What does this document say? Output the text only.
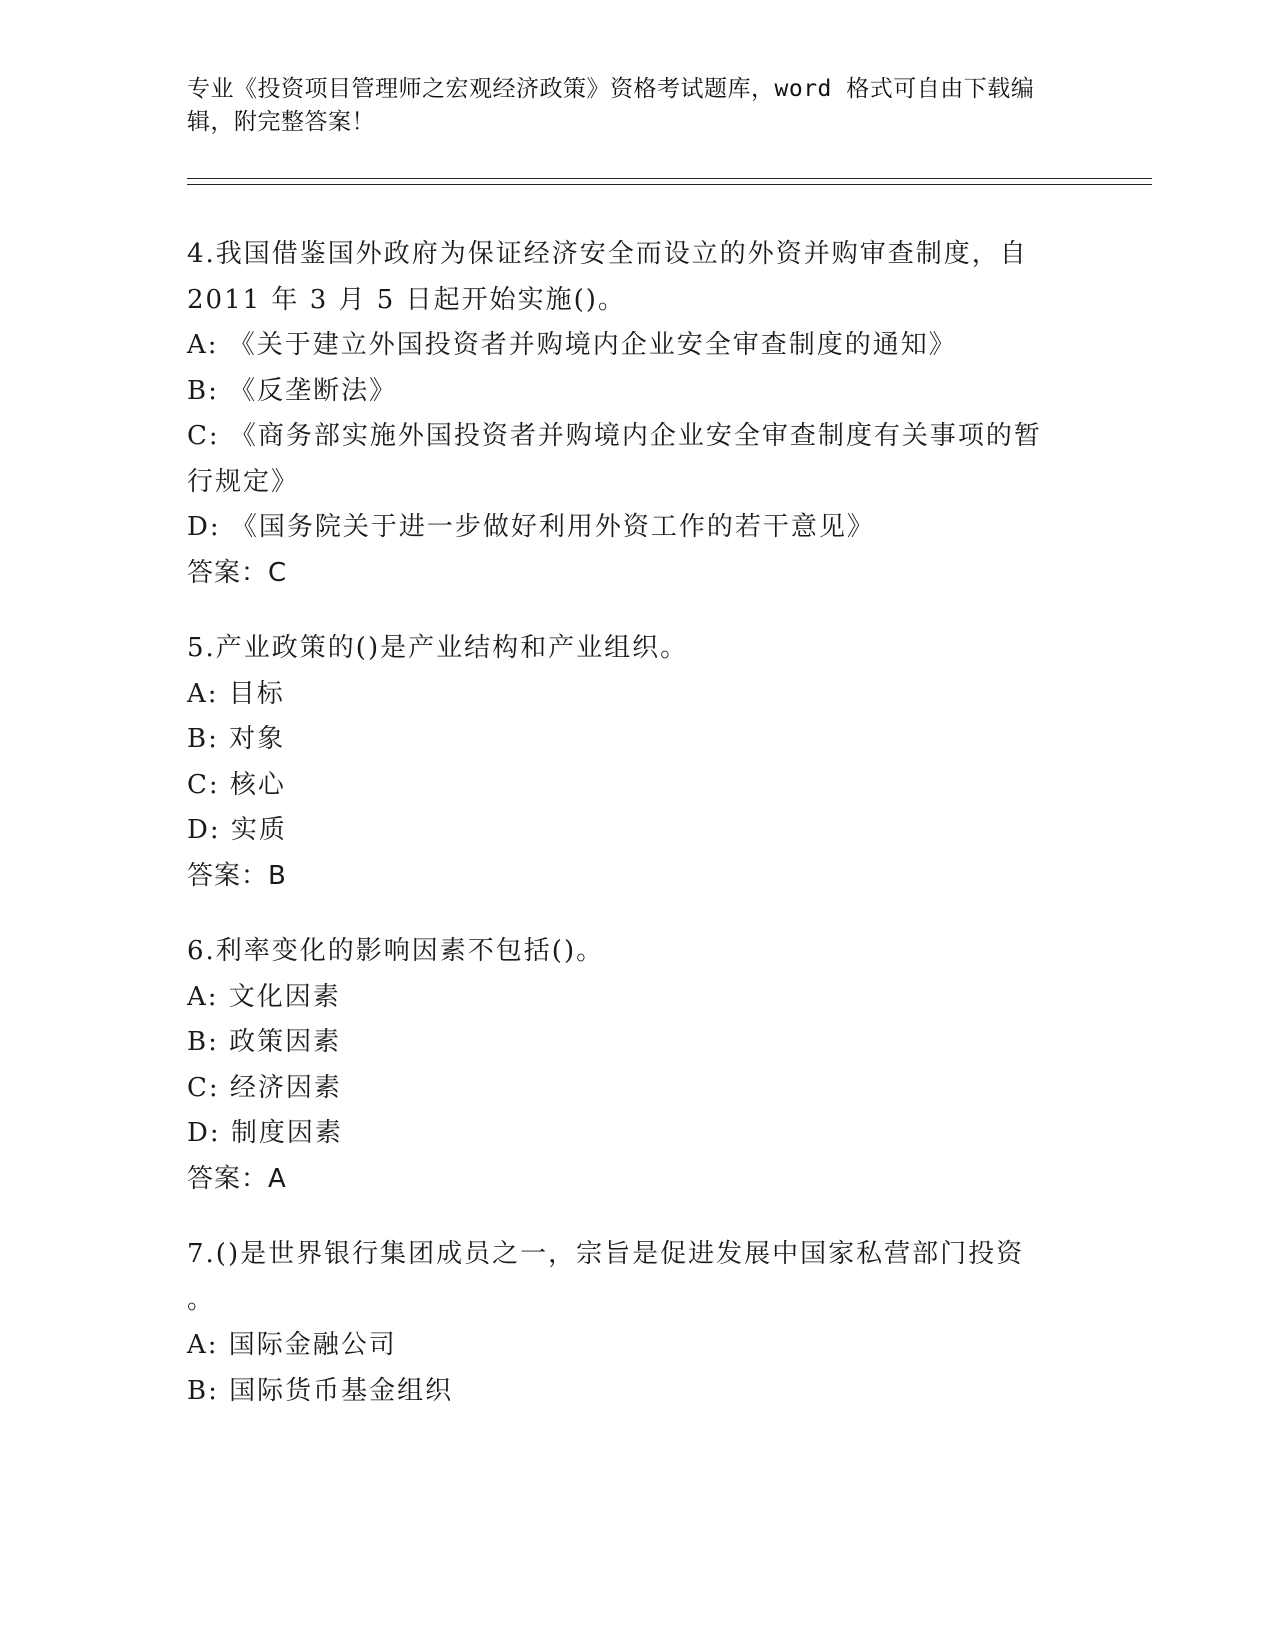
专业《投资项目管理师之宏观经济政策》资格考试题库，word 格式可自由下载编
辑，附完整答案！
4.我国借鉴国外政府为保证经济安全而设立的外资并购审查制度，自
2011 年 3 月 5 日起开始实施()。
A: 《关于建立外国投资者并购境内企业安全审查制度的通知》
B: 《反垄断法》
C: 《商务部实施外国投资者并购境内企业安全审查制度有关事项的暂
行规定》
D: 《国务院关于进一步做好利用外资工作的若干意见》
答案：C
5.产业政策的()是产业结构和产业组织。
A: 目标
B: 对象
C: 核心
D: 实质
答案：B
6.利率变化的影响因素不包括()。
A: 文化因素
B: 政策因素
C: 经济因素
D: 制度因素
答案：A
7.()是世界银行集团成员之一，宗旨是促进发展中国家私营部门投资
。
A: 国际金融公司
B: 国际货币基金组织
